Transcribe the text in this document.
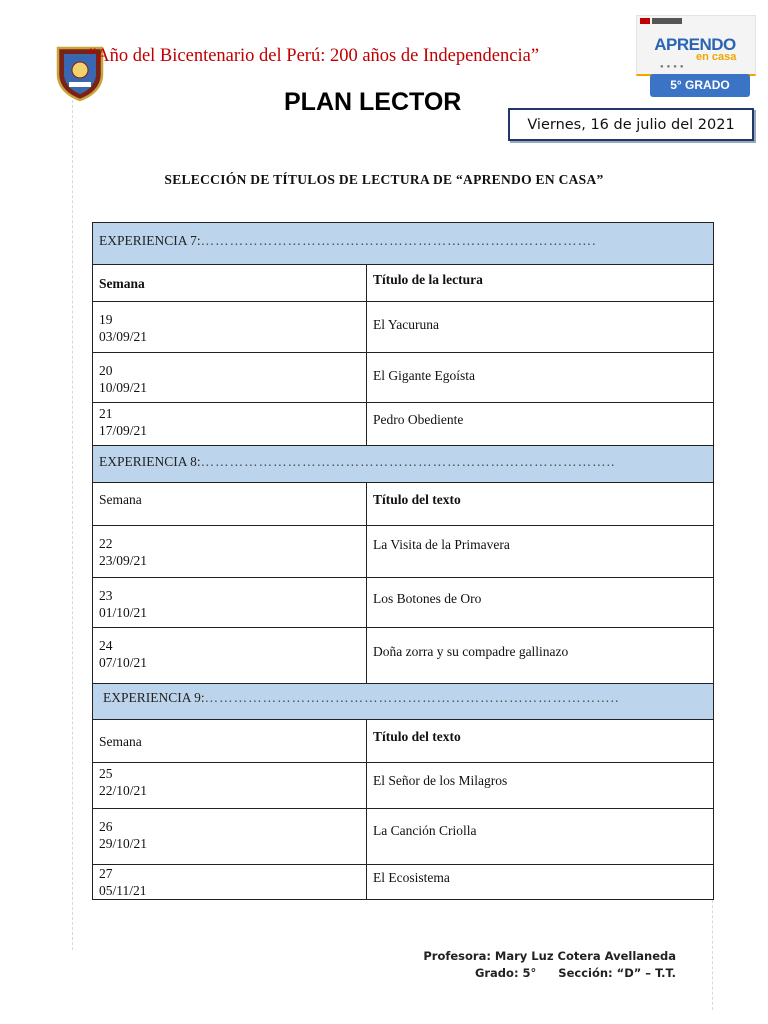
“Año del Bicentenario del Perú: 200 años de Independencia”
APRENDO
en casa
●●●●
5° GRADO
PLAN LECTOR
Viernes, 16 de julio del 2021
SELECCIÓN DE TÍTULOS DE LECTURA DE “APRENDO EN CASA”
EXPERIENCIA 7:……………………………………………………………………….	
Semana	Título de la lectura

19
03/09/21	El Yacuruna

20
10/09/21	El Gigante Egoísta

21
17/09/21	Pedro Obediente
EXPERIENCIA 8:…………………………………………………………………………..	
Semana	Título del texto

22
23/09/21	La Visita de la Primavera

23
01/10/21	Los Botones de Oro

24
07/10/21	Doña zorra y su compadre gallinazo
EXPERIENCIA 9:…………………………………………………………………………..	
Semana	Título del texto

25
22/10/21	El Señor de los Milagros

26
29/10/21	La Canción Criolla

27
05/11/21	El Ecosistema
Profesora: Mary Luz Cotera Avellaneda
Grado: 5° Sección: “D” – T.T.
